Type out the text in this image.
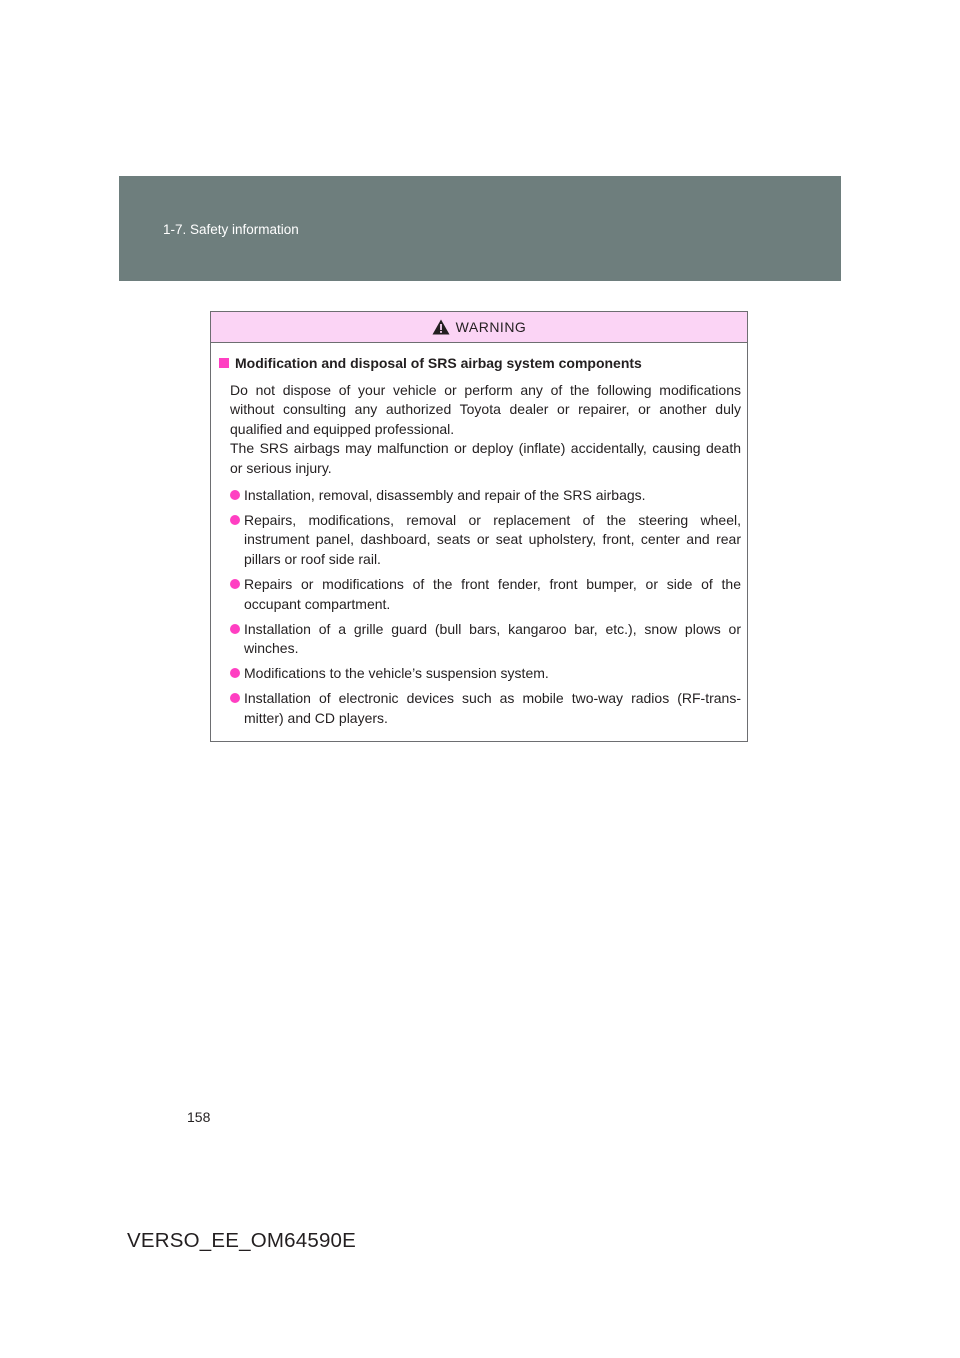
1-7. Safety information
WARNING
Modification and disposal of SRS airbag system components

Do not dispose of your vehicle or perform any of the following modifications without consulting any authorized Toyota dealer or repairer, or another duly qualified and equipped professional.

The SRS airbags may malfunction or deploy (inflate) accidentally, causing death or serious injury.

Installation, removal, disassembly and repair of the SRS airbags.
Repairs, modifications, removal or replacement of the steering wheel, instrument panel, dashboard, seats or seat upholstery, front, center and rear pillars or roof side rail.
Repairs or modifications of the front fender, front bumper, or side of the occupant compartment.
Installation of a grille guard (bull bars, kangaroo bar, etc.), snow plows or winches.
Modifications to the vehicle’s suspension system.
Installation of electronic devices such as mobile two-way radios (RF-trans-mitter) and CD players.
158
VERSO_EE_OM64590E
